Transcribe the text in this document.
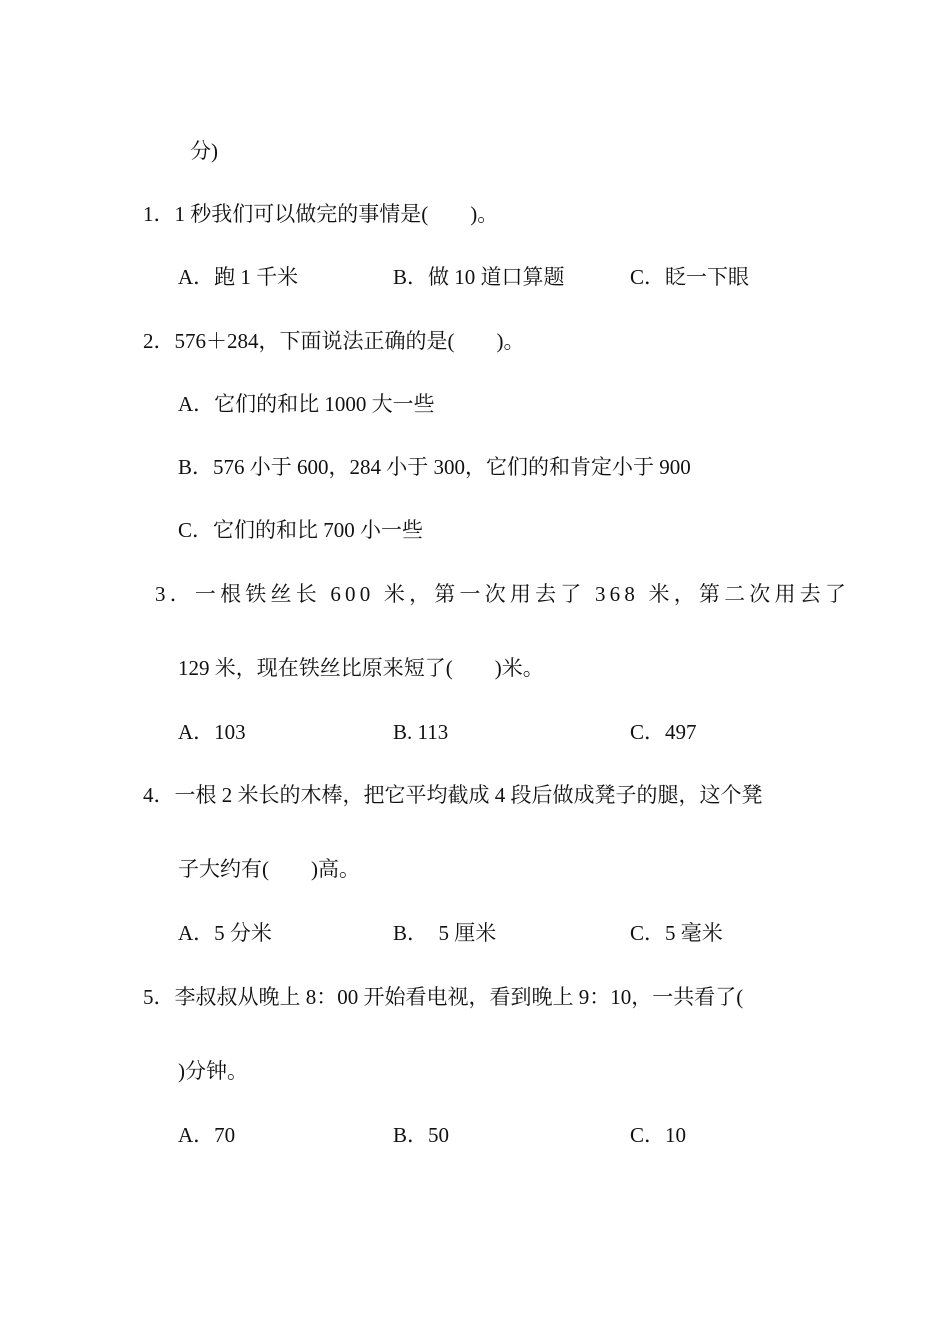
分)
1．1 秒我们可以做完的事情是(　　)。
A．跑 1 千米	B．做 10 道口算题	C．眨一下眼
2．576＋284，下面说法正确的是(　　)。
A．它们的和比 1000 大一些
B．576 小于 600，284 小于 300，它们的和肯定小于 900
C．它们的和比 700 小一些
3．一根铁丝长 600 米，第一次用去了 368 米，第二次用去了
129 米，现在铁丝比原来短了(　　)米。
A．103	B. 113	C．497
4．一根 2 米长的木棒，把它平均截成 4 段后做成凳子的腿，这个凳
子大约有(　　)高。
A．5 分米	B．　5 厘米	C．5 毫米
5．李叔叔从晚上 8：00 开始看电视，看到晚上 9：10，一共看了(
)分钟。
A．70	B．50	C．10
